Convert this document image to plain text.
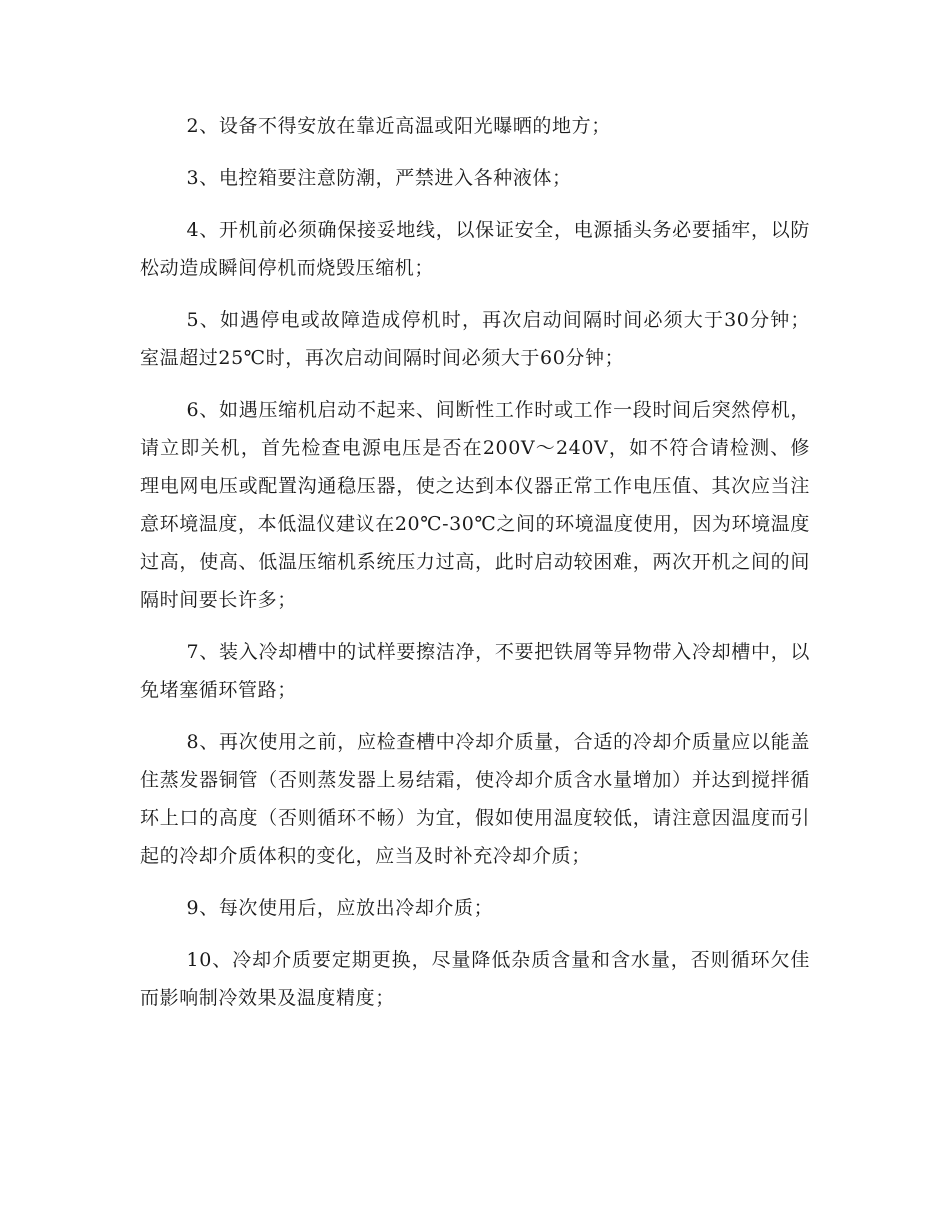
2、设备不得安放在靠近高温或阳光曝晒的地方；

3、电控箱要注意防潮，严禁进入各种液体；

4、开机前必须确保接妥地线，以保证安全，电源插头务必要插牢，以防松动造成瞬间停机而烧毁压缩机；

5、如遇停电或故障造成停机时，再次启动间隔时间必须大于30分钟；室温超过25℃时，再次启动间隔时间必须大于60分钟；

6、如遇压缩机启动不起来、间断性工作时或工作一段时间后突然停机，请立即关机，首先检查电源电压是否在200V～240V，如不符合请检测、修理电网电压或配置沟通稳压器，使之达到本仪器正常工作电压值、其次应当注意环境温度，本低温仪建议在20℃-30℃之间的环境温度使用，因为环境温度过高，使高、低温压缩机系统压力过高，此时启动较困难，两次开机之间的间隔时间要长许多；

7、装入冷却槽中的试样要擦洁净，不要把铁屑等异物带入冷却槽中，以免堵塞循环管路；

8、再次使用之前，应检查槽中冷却介质量，合适的冷却介质量应以能盖住蒸发器铜管（否则蒸发器上易结霜，使冷却介质含水量增加）并达到搅拌循环上口的高度（否则循环不畅）为宜，假如使用温度较低，请注意因温度而引起的冷却介质体积的变化，应当及时补充冷却介质；

9、每次使用后，应放出冷却介质；

10、冷却介质要定期更换，尽量降低杂质含量和含水量，否则循环欠佳而影响制冷效果及温度精度；
